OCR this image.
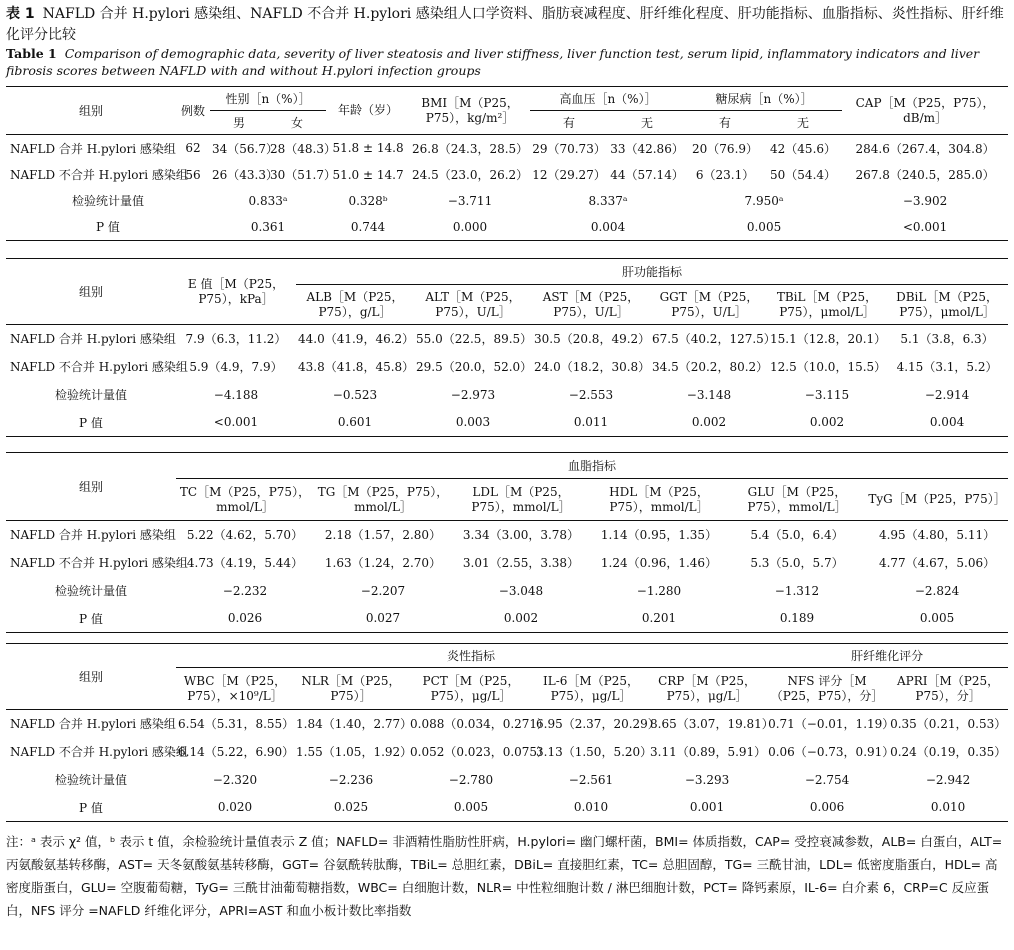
表 1 NAFLD 合并 H.pylori 感染组、NAFLD 不合并 H.pylori 感染组人口学资料、脂肪衰减程度、肝纤维化程度、肝功能指标、血脂指标、炎性指标、肝纤维化评分比较
Table 1 Comparison of demographic data, severity of liver steatosis and liver stiffness, liver function test, serum lipid, inflammatory indicators and liver fibrosis scores between NAFLD with and without H.pylori infection groups
组别	例数	性别［n（%）］		年龄（岁）	BMI［M（P25，P75），kg/m²］	高血压［n（%）］		糖尿病［n（%）］		CAP［M（P25，P75），dB/m］
		男	女			有	无	有	无	
NAFLD 合并 H.pylori 感染组	62	34（56.7）	28（48.3）	51.8 ± 14.8	26.8（24.3，28.5）	29（70.73）	33（42.86）	20（76.9）	42（45.6）	284.6（267.4，304.8）
NAFLD 不合并 H.pylori 感染组	56	26（43.3）	30（51.7）	51.0 ± 14.7	24.5（23.0，26.2）	12（29.27）	44（57.14）	6（23.1）	50（54.4）	267.8（240.5，285.0）
检验统计量值		0.833ᵃ		0.328ᵇ	−3.711	8.337ᵃ		7.950ᵃ		−3.902
P 值		0.361		0.744	0.000	0.004		0.005		<0.001
组别	E 值［M（P25，P75），kPa］	肝功能指标					
		ALB［M（P25，P75），g/L］	ALT［M（P25，P75），U/L］	AST［M（P25，P75），U/L］	GGT［M（P25，P75），U/L］	TBiL［M（P25，P75），μmol/L］	DBiL［M（P25，P75），μmol/L］
NAFLD 合并 H.pylori 感染组	7.9（6.3，11.2）	44.0（41.9，46.2）	55.0（22.5，89.5）	30.5（20.8，49.2）	67.5（40.2，127.5）	15.1（12.8，20.1）	5.1（3.8，6.3）
NAFLD 不合并 H.pylori 感染组	5.9（4.9，7.9）	43.8（41.8，45.8）	29.5（20.0，52.0）	24.0（18.2，30.8）	34.5（20.2，80.2）	12.5（10.0，15.5）	4.15（3.1，5.2）
检验统计量值	−4.188	−0.523	−2.973	−2.553	−3.148	−3.115	−2.914
P 值	<0.001	0.601	0.003	0.011	0.002	0.002	0.004
组别	血脂指标					
	TC［M（P25，P75），mmol/L］	TG［M（P25，P75），mmol/L］	LDL［M（P25，P75），mmol/L］	HDL［M（P25，P75），mmol/L］	GLU［M（P25，P75），mmol/L］	TyG［M（P25，P75）］
NAFLD 合并 H.pylori 感染组	5.22（4.62，5.70）	2.18（1.57，2.80）	3.34（3.00，3.78）	1.14（0.95，1.35）	5.4（5.0，6.4）	4.95（4.80，5.11）
NAFLD 不合并 H.pylori 感染组	4.73（4.19，5.44）	1.63（1.24，2.70）	3.01（2.55，3.38）	1.24（0.96，1.46）	5.3（5.0，5.7）	4.77（4.67，5.06）
检验统计量值	−2.232	−2.207	−3.048	−1.280	−1.312	−2.824
P 值	0.026	0.027	0.002	0.201	0.189	0.005
组别	炎性指标					肝纤维化评分	
	WBC［M（P25，P75），×10⁹/L］	NLR［M（P25，P75）］	PCT［M（P25，P75），μg/L］	IL-6［M（P25，P75），μg/L］	CRP［M（P25，P75），μg/L］	NFS 评分［M（P25，P75），分］	APRI［M（P25，P75），分］
NAFLD 合并 H.pylori 感染组	6.54（5.31，8.55）	1.84（1.40，2.77）	0.088（0.034，0.271）	6.95（2.37，20.29）	8.65（3.07，19.81）	0.71（−0.01，1.19）	0.35（0.21，0.53）
NAFLD 不合并 H.pylori 感染组	6.14（5.22，6.90）	1.55（1.05，1.92）	0.052（0.023，0.075）	3.13（1.50，5.20）	3.11（0.89，5.91）	0.06（−0.73，0.91）	0.24（0.19，0.35）
检验统计量值	−2.320	−2.236	−2.780	−2.561	−3.293	−2.754	−2.942
P 值	0.020	0.025	0.005	0.010	0.001	0.006	0.010
注：ᵃ 表示 χ² 值，ᵇ 表示 t 值，余检验统计量值表示 Z 值；NAFLD= 非酒精性脂肪性肝病，H.pylori= 幽门螺杆菌，BMI= 体质指数，CAP= 受控衰减参数，ALB= 白蛋白，ALT= 丙氨酸氨基转移酶，AST= 天冬氨酸氨基转移酶，GGT= 谷氨酰转肽酶，TBiL= 总胆红素，DBiL= 直接胆红素，TC= 总胆固醇，TG= 三酰甘油，LDL= 低密度脂蛋白，HDL= 高密度脂蛋白，GLU= 空腹葡萄糖，TyG= 三酰甘油葡萄糖指数，WBC= 白细胞计数，NLR= 中性粒细胞计数 / 淋巴细胞计数，PCT= 降钙素原，IL-6= 白介素 6，CRP=C 反应蛋白，NFS 评分 =NAFLD 纤维化评分，APRI=AST 和血小板计数比率指数
